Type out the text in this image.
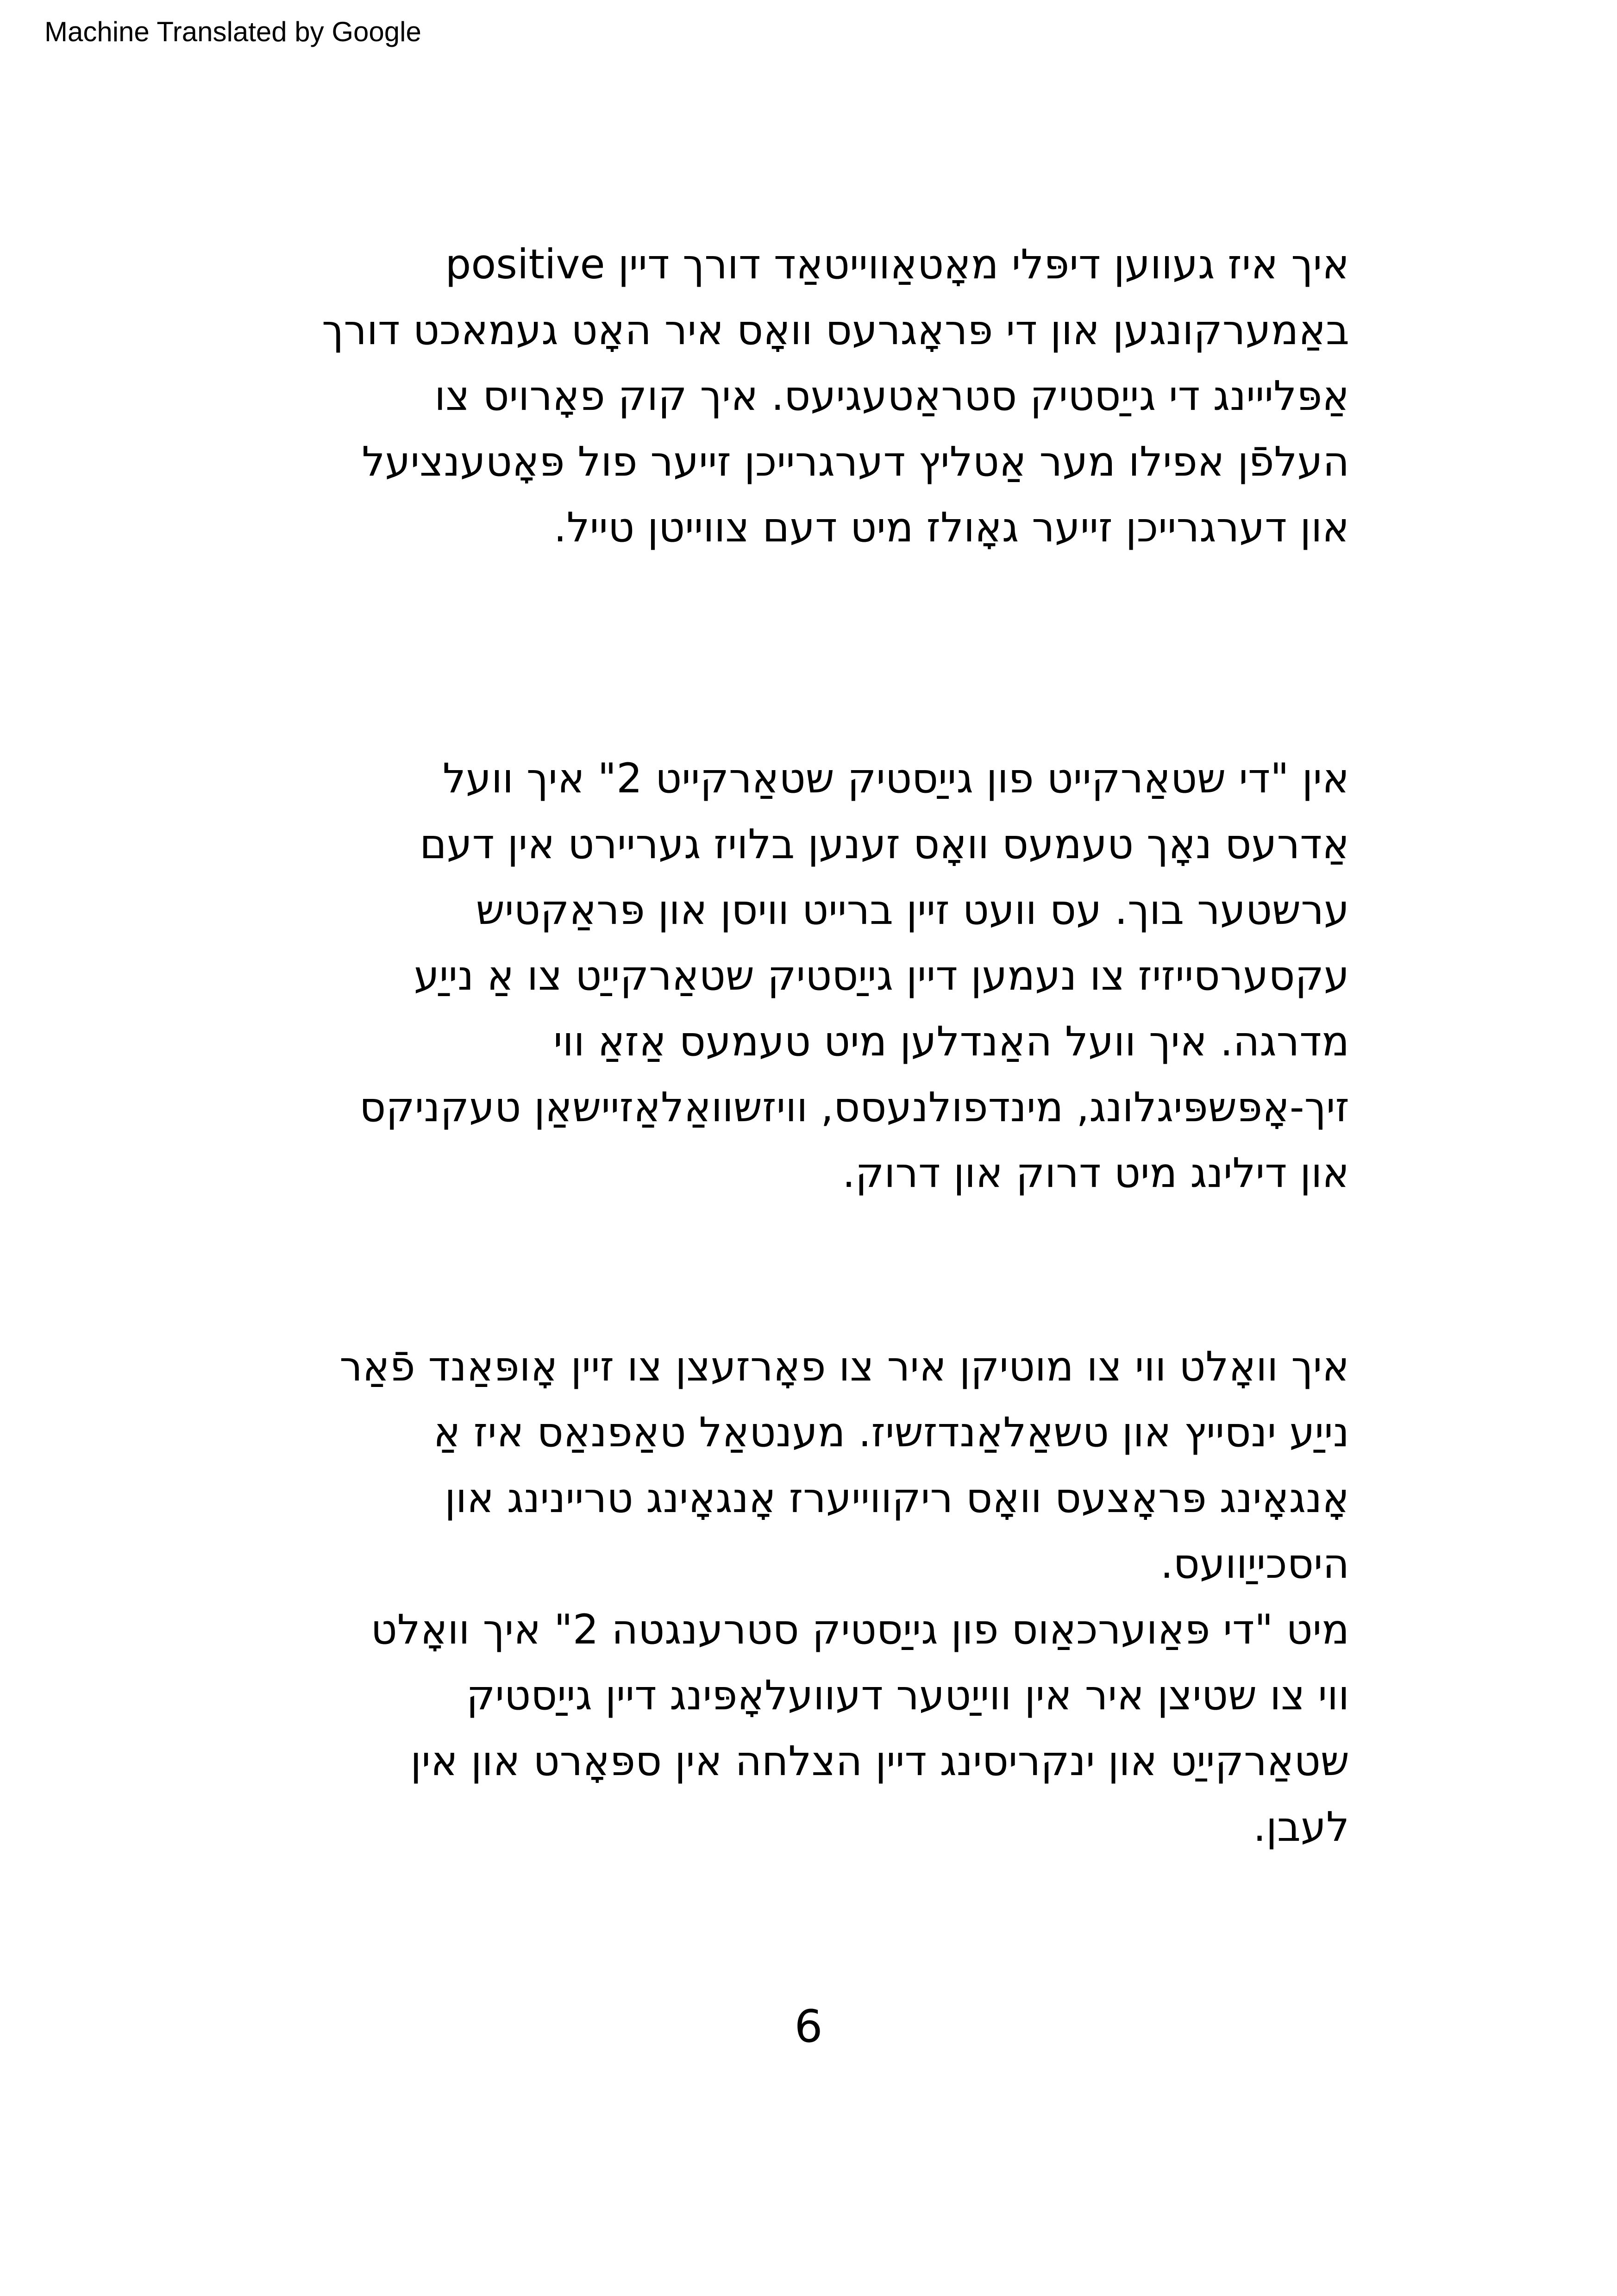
Machine Translated by Google
איך איז געווען דיפּלי מאָטאַווייטאַד דורך דיין positive
באַמערקונגען און די פּראָגרעס וואָס איר האָט געמאכט דורך
אַפּלייינג די גייַסטיק סטראַטעגיעס. איך קוק פאָרויס צו
העלפֿן אפילו מער אַטליץ דערגרייכן זייער פול פּאָטענציעל
און דערגרייכן זייער גאָולז מיט דעם צווייטן טייל.
אין "די שטאַרקייט פון גייַסטיק שטאַרקייט 2" איך וועל
אַדרעס נאָך טעמעס וואָס זענען בלויז געריירט אין דעם
ערשטער בוך. עס וועט זיין ברייט וויסן און פּראַקטיש
עקסערסייזיז צו נעמען דיין גייַסטיק שטאַרקייַט צו אַ נייַע
מדרגה. איך וועל האַנדלען מיט טעמעס אַזאַ ווי
זיך-אָפּשפּיגלונג, מינדפולנעסס, וויזשוואַלאַזיישאַן טעקניקס
און דילינג מיט דרוק און דרוק.
איך וואָלט ווי צו מוטיקן איר צו פאָרזעצן צו זיין אָופּאַנד פֿאַר
נייַע ינסייץ און טשאַלאַנדזשיז. מענטאַל טאַפנאַס איז אַ
אָנגאָינג פּראָצעס וואָס ריקווייערז אָנגאָינג טריינינג און
היסכייַוועס.
מיט "די פּאַוערכאַוס פון גייַסטיק סטרענגטה 2" איך וואָלט
ווי צו שטיצן איר אין ווייַטער דעוועלאָפּינג דיין גייַסטיק
שטאַרקייַט און ינקריסינג דיין הצלחה אין ספּאָרט און אין
לעבן.
6
